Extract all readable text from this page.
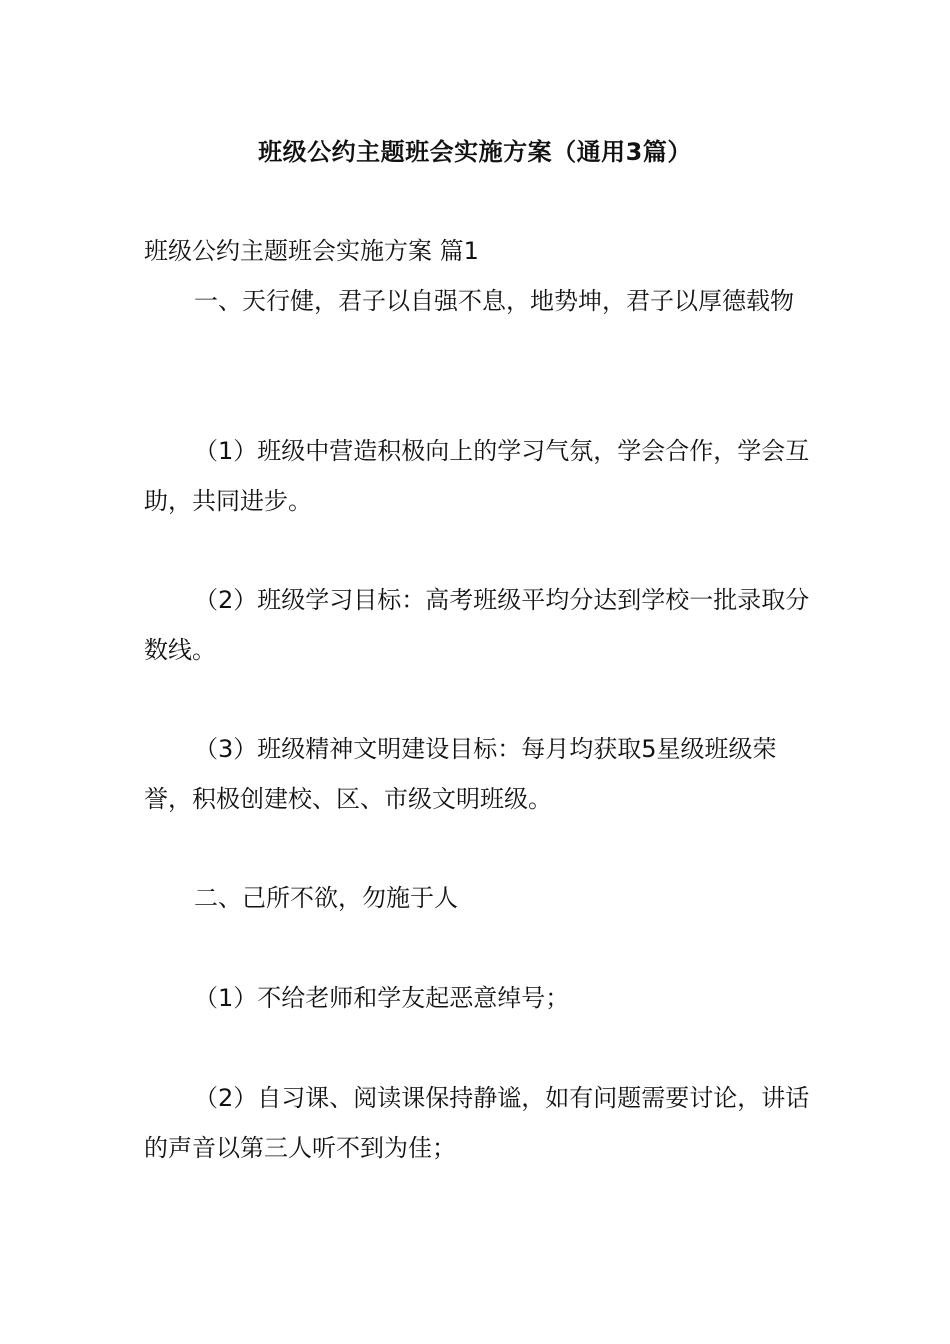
班级公约主题班会实施方案（通用3篇）

班级公约主题班会实施方案 篇1

一、天行健，君子以自强不息，地势坤，君子以厚德载物

（1）班级中营造积极向上的学习气氛，学会合作，学会互助，共同进步。

（2）班级学习目标：高考班级平均分达到学校一批录取分数线。

（3）班级精神文明建设目标：每月均获取5星级班级荣誉，积极创建校、区、市级文明班级。

二、己所不欲，勿施于人

（1）不给老师和学友起恶意绰号；

（2）自习课、阅读课保持静谧，如有问题需要讨论，讲话的声音以第三人听不到为佳；
